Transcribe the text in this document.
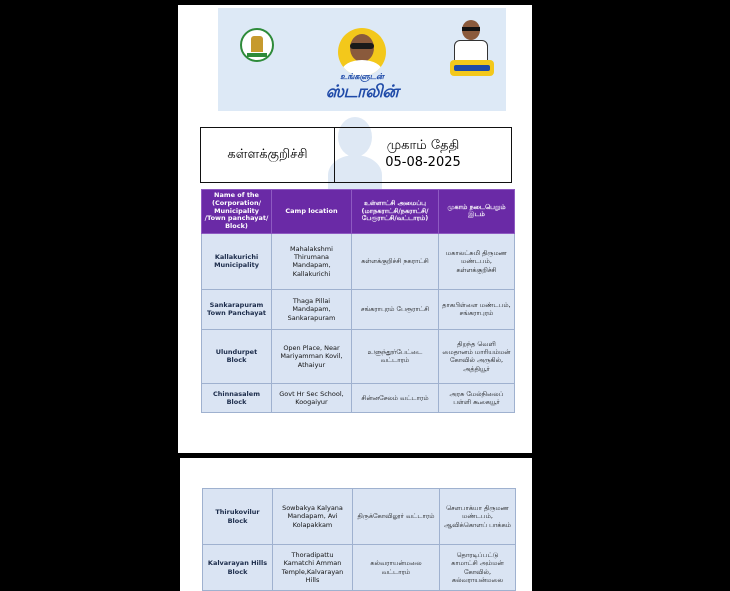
உங்களுடன்
ஸ்டாலின்
கள்ளக்குறிச்சி
முகாம் தேதி
05-08-2025
Name of the (Corporation/ Municipality /Town panchayat/ Block)	Camp location	உள்ளாட்சி அமைப்பு (மாநகராட்சி/நகராட்சி/ பேரூராட்சி/வட்டாரம்)	முகாம் நடைபெறும் இடம்
Kallakurichi Municipality	Mahalakshmi Thirumana Mandapam, Kallakurichi	கள்ளக்குறிச்சி நகராட்சி	மகாலட்சுமி திருமண மண்டபம், கள்ளக்குறிச்சி
Sankarapuram Town Panchayat	Thaga Pillai Mandapam, Sankarapuram	சங்கராபுரம் பேரூராட்சி	தாகபிள்ளை மண்டபம், சங்கராபுரம்
Ulundurpet Block	Open Place, Near Mariyamman Kovil, Athaiyur	உளுந்தூர்பேட்டை வட்டாரம்	திறந்த வெளி மைதானம் மாரியம்மன் கோவில் அருகில், அத்தியூர்
Chinnasalem Block	Govt Hr Sec School, Koogaiyur	சின்னசேலம் வட்டாரம்	அரசு மேல்நிலைப் பள்ளி கூகையூர்
Thirukovilur Block	Sowbakya Kalyana Mandapam, Avi Kolapakkam	திருக்கோவிலூர் வட்டாரம்	சௌபாக்யா திருமண மண்டபம், ஆவிக்கொளப் பாக்கம்
Kalvarayan Hills Block	Thoradipattu Kamatchi Amman Temple,Kalvarayan Hills	கல்வராயன்மலை வட்டாரம்	தொரடிப்பட்டு காமாட்சி அம்மன் கோவில், கல்வராயன்மலை
